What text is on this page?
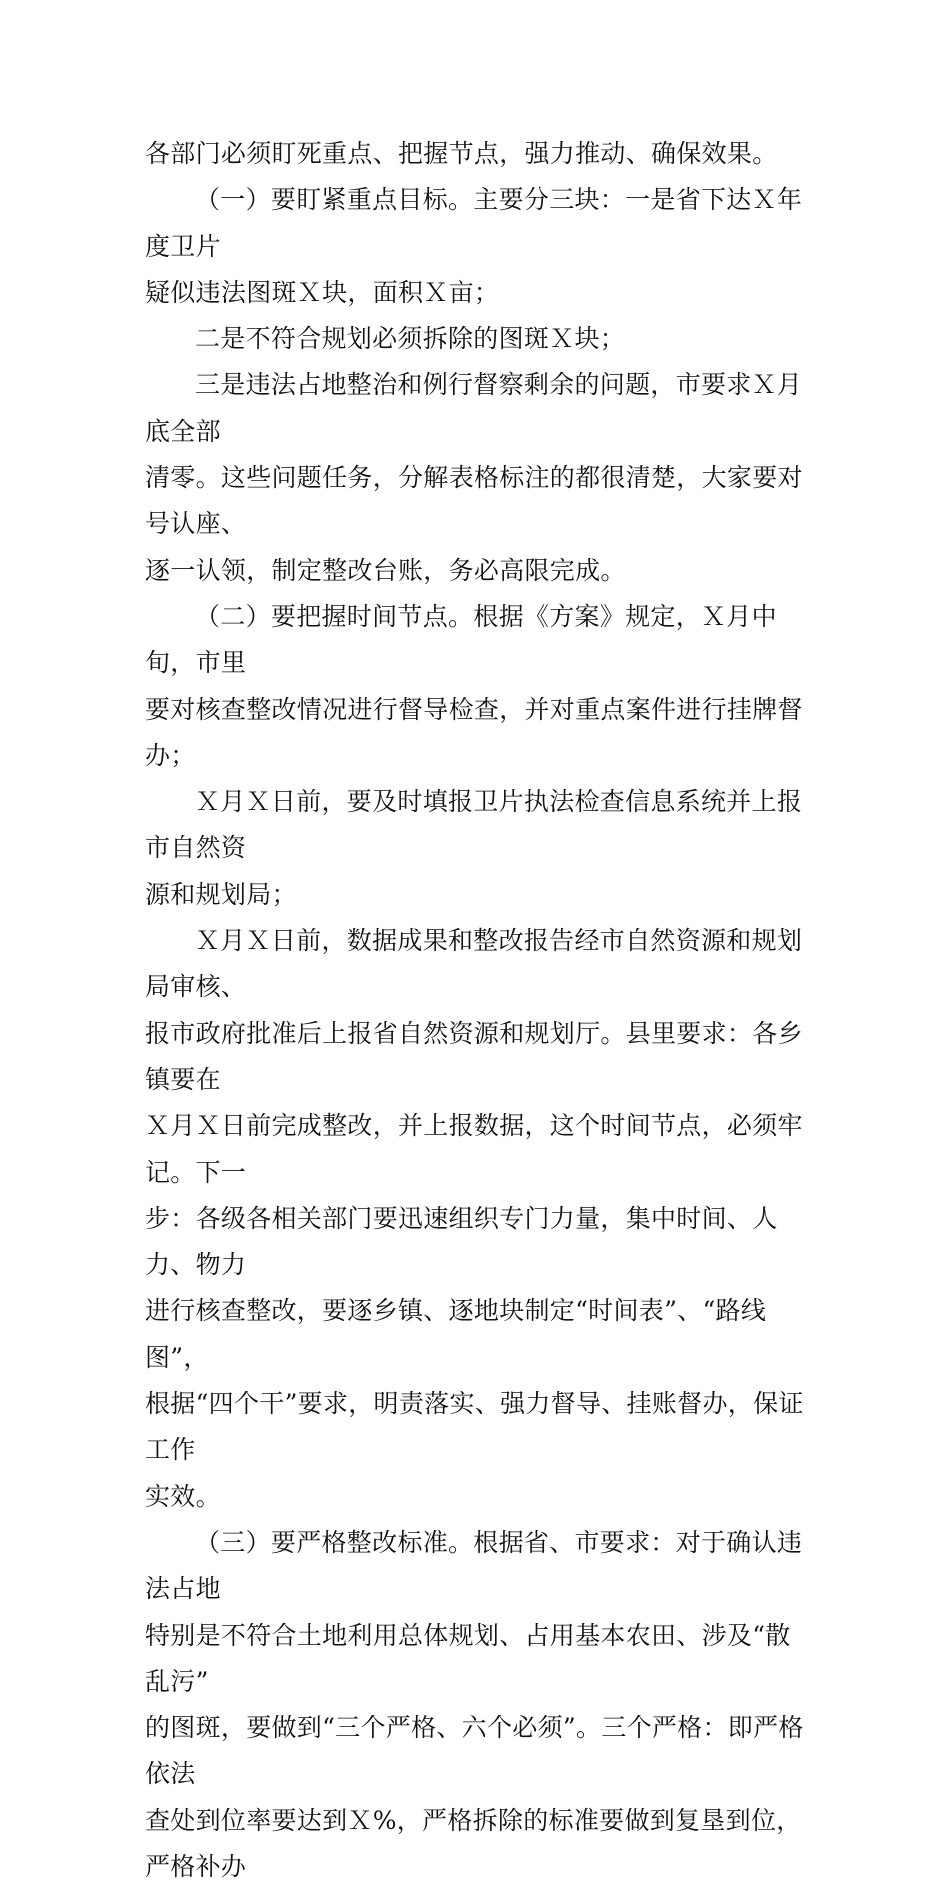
各部门必须盯死重点、把握节点，强力推动、确保效果。

（一）要盯紧重点目标。主要分三块：一是省下达Ｘ年度卫片
疑似违法图斑Ｘ块，面积Ｘ亩；

二是不符合规划必须拆除的图斑Ｘ块；

三是违法占地整治和例行督察剩余的问题，市要求Ｘ月底全部
清零。这些问题任务，分解表格标注的都很清楚，大家要对号认座、
逐一认领，制定整改台账，务必高限完成。

（二）要把握时间节点。根据《方案》规定，Ｘ月中旬，市里
要对核查整改情况进行督导检查，并对重点案件进行挂牌督办；

Ｘ月Ｘ日前，要及时填报卫片执法检查信息系统并上报市自然资
源和规划局；

Ｘ月Ｘ日前，数据成果和整改报告经市自然资源和规划局审核、
报市政府批准后上报省自然资源和规划厅。县里要求：各乡镇要在
Ｘ月Ｘ日前完成整改，并上报数据，这个时间节点，必须牢记。下一
步：各级各相关部门要迅速组织专门力量，集中时间、人力、物力
进行核查整改，要逐乡镇、逐地块制定“时间表”、“路线图”，
根据“四个干”要求，明责落实、强力督导、挂账督办，保证工作
实效。

（三）要严格整改标准。根据省、市要求：对于确认违法占地
特别是不符合土地利用总体规划、占用基本农田、涉及“散乱污”
的图斑，要做到“三个严格、六个必须”。三个严格：即严格依法
查处到位率要达到Ｘ%，严格拆除的标准要做到复垦到位，严格补办
